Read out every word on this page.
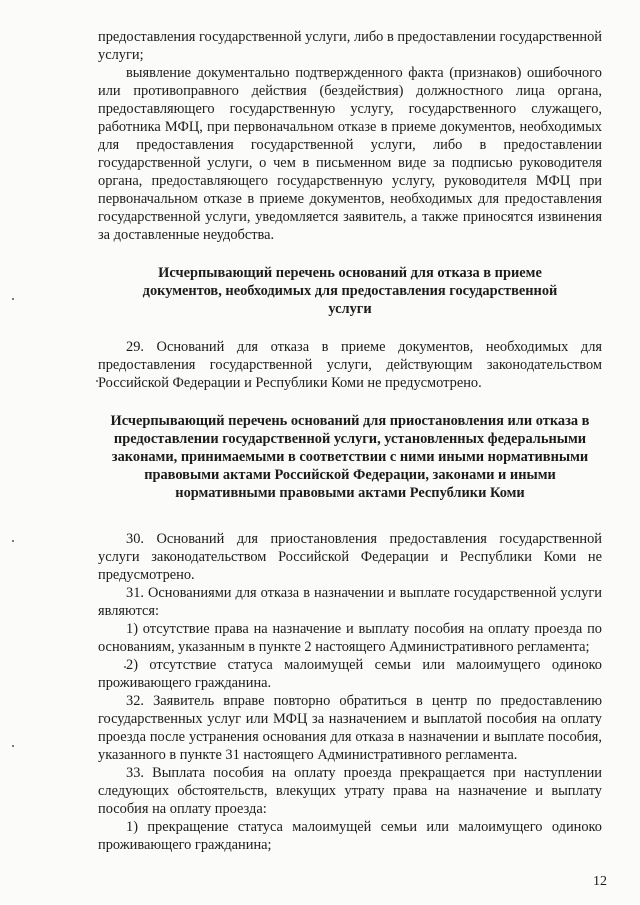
предоставления государственной услуги, либо в предоставлении государственной услуги;

выявление документально подтвержденного факта (признаков) ошибочного или противоправного действия (бездействия) должностного лица органа, предоставляющего государственную услугу, государственного служащего, работника МФЦ, при первоначальном отказе в приеме документов, необходимых для предоставления государственной услуги, либо в предоставлении государственной услуги, о чем в письменном виде за подписью руководителя органа, предоставляющего государственную услугу, руководителя МФЦ при первоначальном отказе в приеме документов, необходимых для предоставления государственной услуги, уведомляется заявитель, а также приносятся извинения за доставленные неудобства.

Исчерпывающий перечень оснований для отказа в приеме документов, необходимых для предоставления государственной услуги

29. Оснований для отказа в приеме документов, необходимых для предоставления государственной услуги, действующим законодательством Российской Федерации и Республики Коми не предусмотрено.

Исчерпывающий перечень оснований для приостановления или отказа в предоставлении государственной услуги, установленных федеральными законами, принимаемыми в соответствии с ними иными нормативными правовыми актами Российской Федерации, законами и иными нормативными правовыми актами Республики Коми

30. Оснований для приостановления предоставления государственной услуги законодательством Российской Федерации и Республики Коми не предусмотрено.

31. Основаниями для отказа в назначении и выплате государственной услуги являются:

1) отсутствие права на назначение и выплату пособия на оплату проезда по основаниям, указанным в пункте 2 настоящего Административного регламента;

2) отсутствие статуса малоимущей семьи или малоимущего одиноко проживающего гражданина.

32. Заявитель вправе повторно обратиться в центр по предоставлению государственных услуг или МФЦ за назначением и выплатой пособия на оплату проезда после устранения основания для отказа в назначении и выплате пособия, указанного в пункте 31 настоящего Административного регламента.

33. Выплата пособия на оплату проезда прекращается при наступлении следующих обстоятельств, влекущих утрату права на назначение и выплату пособия на оплату проезда:

1) прекращение статуса малоимущей семьи или малоимущего одиноко проживающего гражданина;

12
